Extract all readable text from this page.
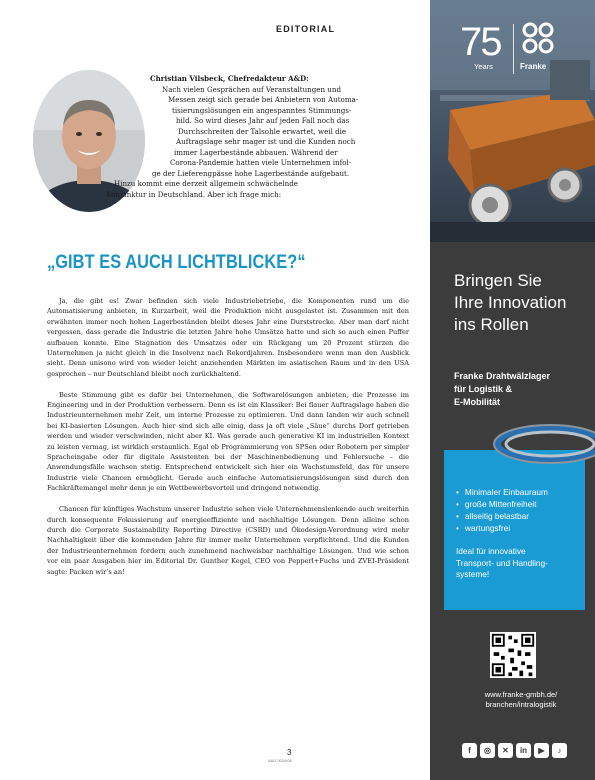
EDITORIAL
Christian Vilsbeck, Chefredakteur A&D:
Nach vielen Gesprächen auf Veranstaltungen und
Messen zeigt sich gerade bei Anbietern von Automa-
tisierungslösungen ein angespanntes Stimmungs-
bild. So wird dieses Jahr auf jeden Fall noch das
Durchschreiten der Talsohle erwartet, weil die
Auftragslage sehr mager ist und die Kunden noch
immer Lagerbestände abbauen. Während der
Corona-Pandemie hatten viele Unternehmen infol-
ge der Lieferengpässe hohe Lagerbestände aufgebaut.
Hinzu kommt eine derzeit allgemein schwächelnde
Konjunktur in Deutschland. Aber ich frage mich:
„GIBT ES AUCH LICHTBLICKE?“

Ja, die gibt es! Zwar befinden sich viele Industriebetriebe, die Komponenten rund um die Automatisierung anbieten, in Kurzarbeit, weil die Produktion nicht ausgelastet ist. Zusammen mit den erwähnten immer noch hohen Lagerbeständen bleibt dieses Jahr eine Durststrecke. Aber man darf nicht vergessen, dass gerade die Industrie die letzten Jahre hohe Umsätze hatte und sich so auch einen Puffer aufbauen konnte. Eine Stagnation des Umsatzes oder ein Rückgang um 20 Prozent stürzen die Unternehmen ja nicht gleich in die Insolvenz nach Rekordjahren. Insbesondere wenn man den Ausblick sieht. Denn unisono wird von wieder leicht anziehenden Märkten im asiatischen Raum und in den USA gesprochen – nur Deutschland bleibt noch zurückhaltend.

Beste Stimmung gibt es dafür bei Unternehmen, die Softwarelösungen anbieten, die Prozesse im Engineering und in der Produktion verbessern. Denn es ist ein Klassiker: Bei flauer Auftragslage haben die Industrieunternehmen mehr Zeit, um interne Prozesse zu optimieren. Und dann landen wir auch schnell bei KI-basierten Lösungen. Auch hier sind sich alle einig, dass ja oft viele „Säue“ durchs Dorf getrieben werden und wieder verschwinden, nicht aber KI. Was gerade auch generative KI im industriellen Kontext zu leisten vermag, ist wirklich erstaunlich. Egal ob Programmierung von SPSen oder Robotern per simpler Spracheingabe oder für digitale Assistenten bei der Maschinenbedienung und Fehlersuche – die Anwendungsfälle wachsen stetig. Entsprechend entwickelt sich hier ein Wachstumsfeld, das für unsere Industrie viele Chancen ermöglicht. Gerade auch einfache Automatisierungslösungen sind durch den Fachkräftemangel mehr denn je ein Wettbewerbsvorteil und dringend notwendig.

Chancen für künftiges Wachstum unserer Industrie sehen viele Unternehmenslenkende auch weiterhin durch konsequente Fokussierung auf energieeffiziente und nachhaltige Lösungen. Denn alleine schon durch die Corporate Sustainability Reporting Directive (CSRD) und Ökodesign-Verordnung wird mehr Nachhaltigkeit über die kommenden Jahre für immer mehr Unternehmen verpflichtend. Und die Kunden der Industrieunternehmen fordern auch zunehmend nachweisbar nachhaltige Lösungen. Und wie schon vor ein paar Ausgaben hier im Editorial Dr. Gunther Kegel, CEO von Pepperl+Fuchs und ZVEI-Präsident sagte: Packen wir’s an!

3
A&D 2024/06
75
Years	Franke
Bringen Sie
Ihre Innovation
ins Rollen
Franke Drahtwälzlager
für Logistik &
E-Mobilität
• Minimaler Einbauraum
• große Mittenfreiheit
• allseitig belastbar
• wartungsfrei
Ideal für innovative
Transport- und Handling-
systeme!
www.franke-gmbh.de/
branchen/intralogistik
f	◎	✕	in	▶	♪
